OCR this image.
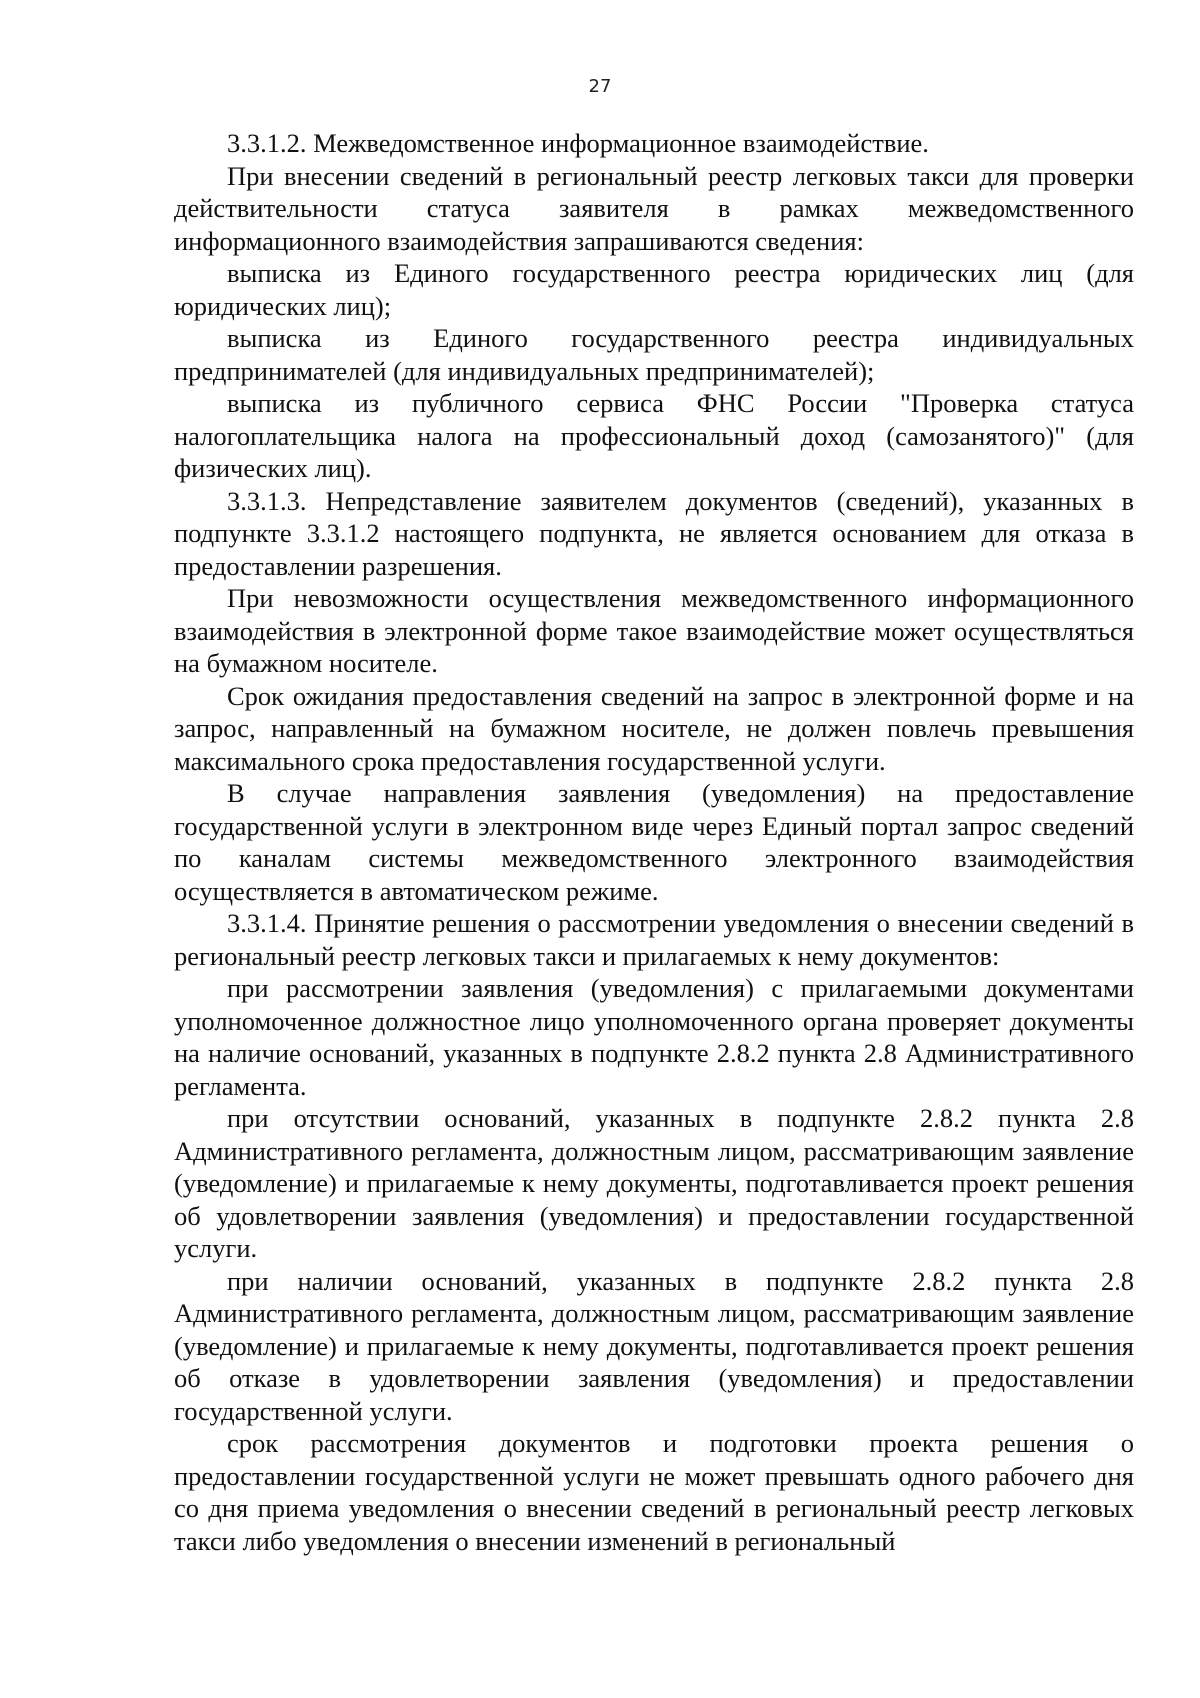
27

3.3.1.2. Межведомственное информационное взаимодействие.

При внесении сведений в региональный реестр легковых такси для проверки действительности статуса заявителя в рамках межведомственного информационного взаимодействия запрашиваются сведения:

выписка из Единого государственного реестра юридических лиц (для юридических лиц);

выписка из Единого государственного реестра индивидуальных предпринимателей (для индивидуальных предпринимателей);

выписка из публичного сервиса ФНС России "Проверка статуса налогоплательщика налога на профессиональный доход (самозанятого)" (для физических лиц).

3.3.1.3. Непредставление заявителем документов (сведений), указанных в подпункте 3.3.1.2 настоящего подпункта, не является основанием для отказа в предоставлении разрешения.

При невозможности осуществления межведомственного информационного взаимодействия в электронной форме такое взаимодействие может осуществляться на бумажном носителе.

Срок ожидания предоставления сведений на запрос в электронной форме и на запрос, направленный на бумажном носителе, не должен повлечь превышения максимального срока предоставления государственной услуги.

В случае направления заявления (уведомления) на предоставление государственной услуги в электронном виде через Единый портал запрос сведений по каналам системы межведомственного электронного взаимодействия осуществляется в автоматическом режиме.

3.3.1.4. Принятие решения о рассмотрении уведомления о внесении сведений в региональный реестр легковых такси и прилагаемых к нему документов:

при рассмотрении заявления (уведомления) с прилагаемыми документами уполномоченное должностное лицо уполномоченного органа проверяет документы на наличие оснований, указанных в подпункте 2.8.2 пункта 2.8 Административного регламента.

при отсутствии оснований, указанных в подпункте 2.8.2 пункта 2.8 Административного регламента, должностным лицом, рассматривающим заявление (уведомление) и прилагаемые к нему документы, подготавливается проект решения об удовлетворении заявления (уведомления) и предоставлении государственной услуги.

при наличии оснований, указанных в подпункте 2.8.2 пункта 2.8 Административного регламента, должностным лицом, рассматривающим заявление (уведомление) и прилагаемые к нему документы, подготавливается проект решения об отказе в удовлетворении заявления (уведомления) и предоставлении государственной услуги.

срок рассмотрения документов и подготовки проекта решения о предоставлении государственной услуги не может превышать одного рабочего дня со дня приема уведомления о внесении сведений в региональный реестр легковых такси либо уведомления о внесении изменений в региональный
